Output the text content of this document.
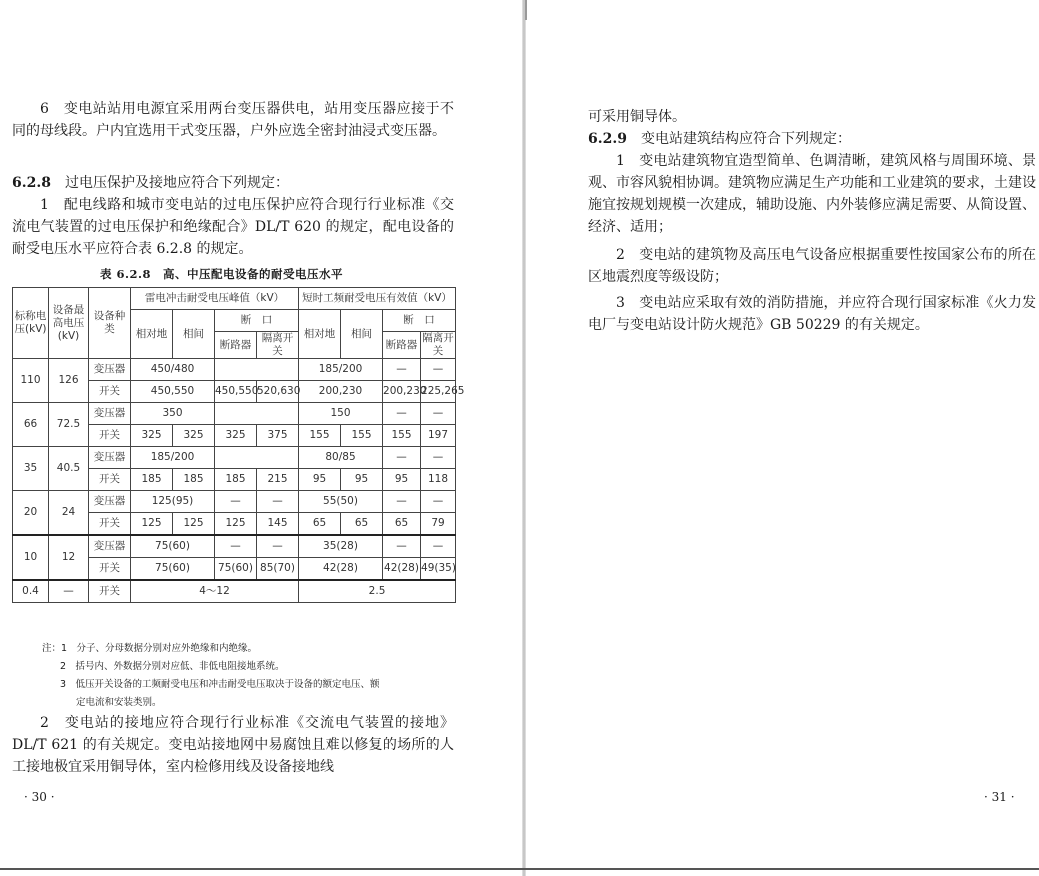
6　变电站站用电源宜采用两台变压器供电，站用变压器应接于不同的母线段。户内宜选用干式变压器，户外应选全密封油浸式变压器。
6.2.8　 过电压保护及接地应符合下列规定：
1　配电线路和城市变电站的过电压保护应符合现行行业标准《交流电气装置的过电压保护和绝缘配合》DL/T 620 的规定，配电设备的耐受电压水平应符合表 6.2.8 的规定。
表 6.2.8　高、中压配电设备的耐受电压水平
标称电压(kV)	设备最高电压(kV)	设备种类	雷电冲击耐受电压峰值（kV）				短时工频耐受电压有效值（kV）			
			相对地	相间	断　口		相对地	相间	断　口	
					断路器	隔离开关			断路器	隔离开关
110	126	变压器	450/480				185/200		—	—
		开关	450,550		450,550	520,630	200,230		200,230	225,265
66	72.5	变压器	350				150		—	—
		开关	325	325	325	375	155	155	155	197
35	40.5	变压器	185/200				80/85		—	—
		开关	185	185	185	215	95	95	95	118
20	24	变压器	125(95)		—	—	55(50)		—	—
		开关	125	125	125	145	65	65	65	79
10	12	变压器	75(60)		—	—	35(28)		—	—
		开关	75(60)		75(60)	85(70)	42(28)		42(28)	49(35)
0.4	—	开关	4～12				2.5			
注：1　分子、分母数据分别对应外绝缘和内绝缘。
2　括号内、外数据分别对应低、非低电阻接地系统。
3　低压开关设备的工频耐受电压和冲击耐受电压取决于设备的额定电压、额
定电流和安装类别。
2　变电站的接地应符合现行行业标准《交流电气装置的接地》DL/T 621 的有关规定。变电站接地网中易腐蚀且难以修复的场所的人工接地极宜采用铜导体，室内检修用线及设备接地线
· 30 ·
可采用铜导体。
6.2.9　 变电站建筑结构应符合下列规定：
1　变电站建筑物宜造型简单、色调清晰，建筑风格与周围环境、景观、市容风貌相协调。建筑物应满足生产功能和工业建筑的要求，土建设施宜按规划规模一次建成，辅助设施、内外装修应满足需要、从简设置、经济、适用；
2　变电站的建筑物及高压电气设备应根据重要性按国家公布的所在区地震烈度等级设防；
3　变电站应采取有效的消防措施，并应符合现行国家标准《火力发电厂与变电站设计防火规范》GB 50229 的有关规定。
· 31 ·
